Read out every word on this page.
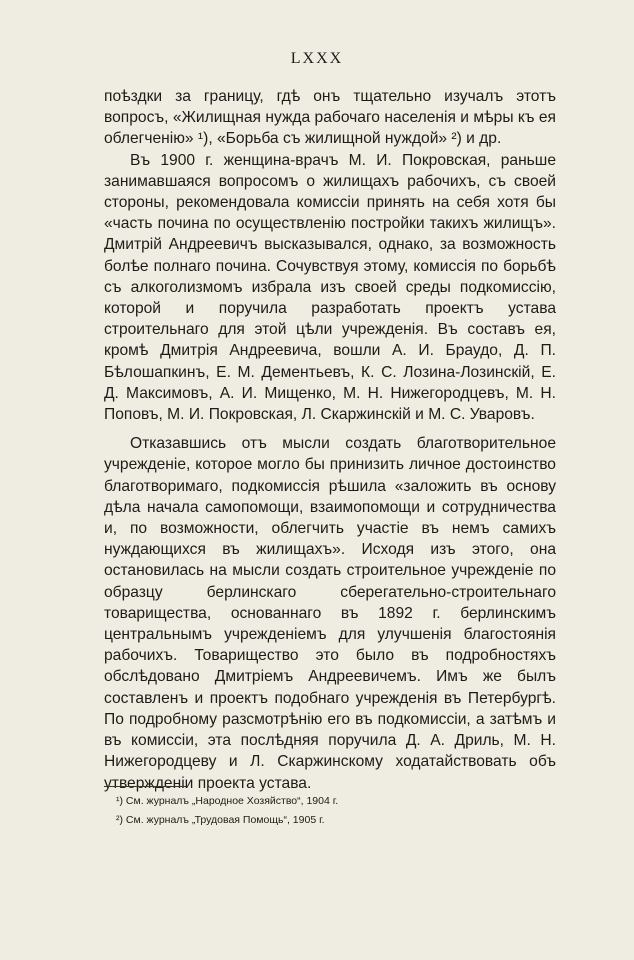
LXXX

поѣздки за границу, гдѣ онъ тщательно изучалъ этотъ вопросъ, «Жилищная нужда рабочаго населенія и мѣры къ ея облегченію» ¹), «Борьба съ жилищной нуждой» ²) и др.

Въ 1900 г. женщина-врачъ М. И. Покровская, раньше занимавшаяся вопросомъ о жилищахъ рабочихъ, съ своей стороны, рекомендовала комиссіи принять на себя хотя бы «часть почина по осуществленію постройки такихъ жилищъ». Дмитрій Андреевичъ высказывался, однако, за возможность болѣе полнаго почина. Сочувствуя этому, комиссія по борьбѣ съ алкоголизмомъ избрала изъ своей среды подкомиссію, которой и поручила разработать проектъ устава строительнаго для этой цѣли учрежденія. Въ составъ ея, кромѣ Дмитрія Андреевича, вошли А. И. Браудо, Д. П. Бѣлошапкинъ, Е. М. Дементьевъ, К. С. Лозина-Лозинскій, Е. Д. Максимовъ, А. И. Мищенко, М. Н. Нижегородцевъ, М. Н. Поповъ, М. И. Покровская, Л. Скаржинскій и М. С. Уваровъ.

Отказавшись отъ мысли создать благотворительное учрежденіе, которое могло бы принизить личное достоинство благотворимаго, подкомиссія рѣшила «заложить въ основу дѣла начала самопомощи, взаимопомощи и сотрудничества и, по возможности, облегчить участіе въ немъ самихъ нуждающихся въ жилищахъ». Исходя изъ этого, она остановилась на мысли создать строительное учрежденіе по образцу берлинскаго сберегательно-строительнаго товарищества, основаннаго въ 1892 г. берлинскимъ центральнымъ учрежденіемъ для улучшенія благостоянія рабочихъ. Товарищество это было въ подробностяхъ обслѣдовано Дмитріемъ Андреевичемъ. Имъ же былъ составленъ и проектъ подобнаго учрежденія въ Петербургѣ. По подробному разсмотрѣнію его въ подкомиссіи, а затѣмъ и въ комиссіи, эта послѣдняя поручила Д. А. Дриль, М. Н. Нижегородцеву и Л. Скаржинскому ходатайствовать объ утвержденіи проекта устава.

¹) См. журналъ „Народное Хозяйство“, 1904 г.

²) См. журналъ „Трудовая Помощь“, 1905 г.
